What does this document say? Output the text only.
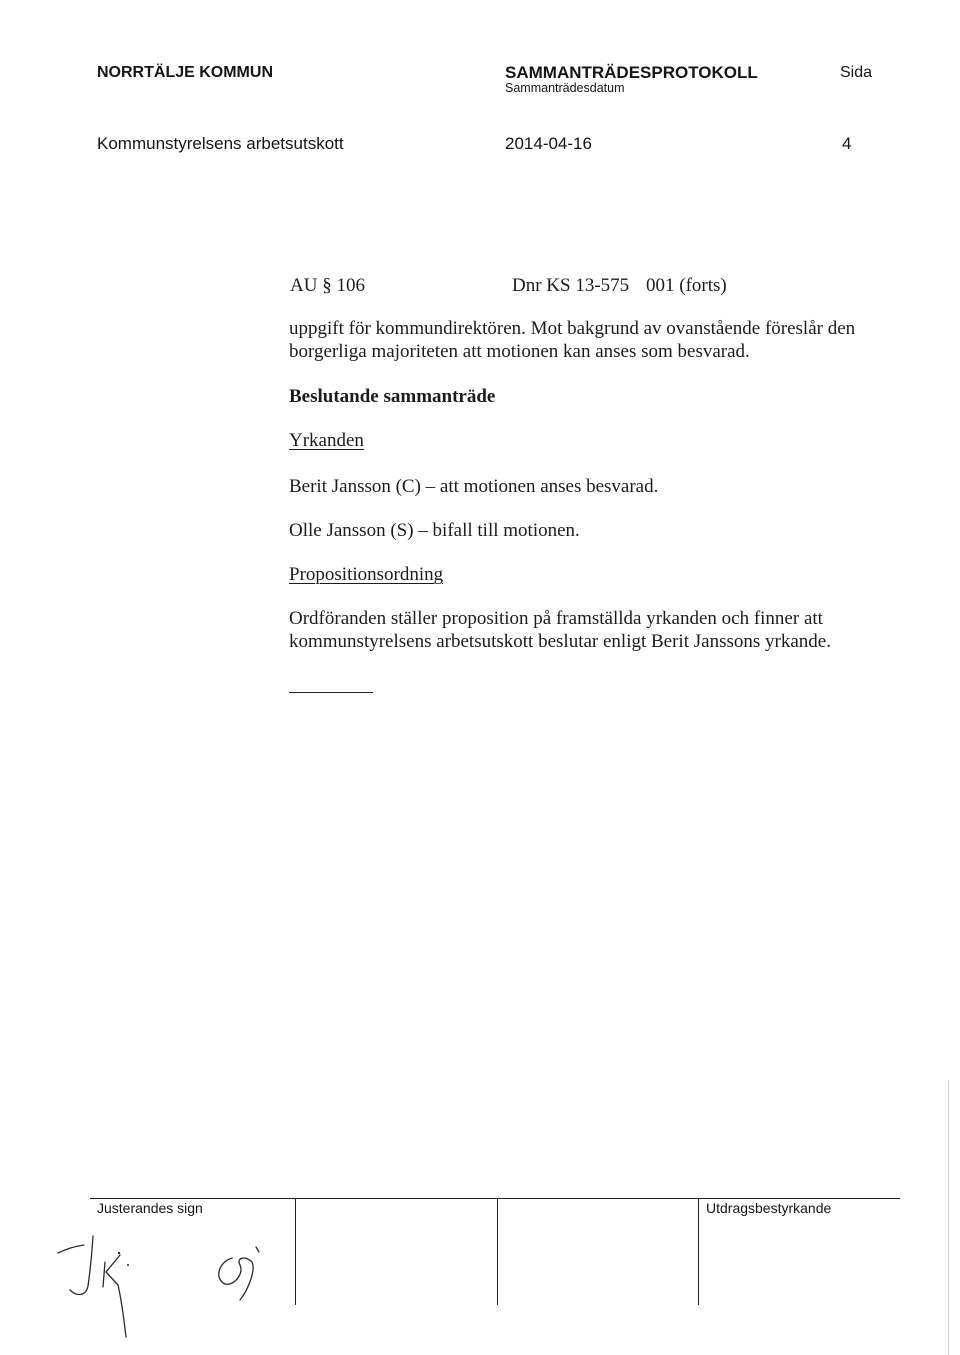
NORRTÄLJE KOMMUN	SAMMANTRÄDESPROTOKOLL
Sammanträdesdatum
Sida
Kommunstyrelsens arbetsutskott	2014-04-16	4
AU § 106	Dnr KS 13-575 001 (forts)
uppgift för kommundirektören. Mot bakgrund av ovanstående föreslår den
borgerliga majoriteten att motionen kan anses som besvarad.
Beslutande sammanträde
Yrkanden
Berit Jansson (C) – att motionen anses besvarad.
Olle Jansson (S) – bifall till motionen.
Propositionsordning
Ordföranden ställer proposition på framställda yrkanden och finner att
kommunstyrelsens arbetsutskott beslutar enligt Berit Janssons yrkande.
Justerandes sign	Utdragsbestyrkande
